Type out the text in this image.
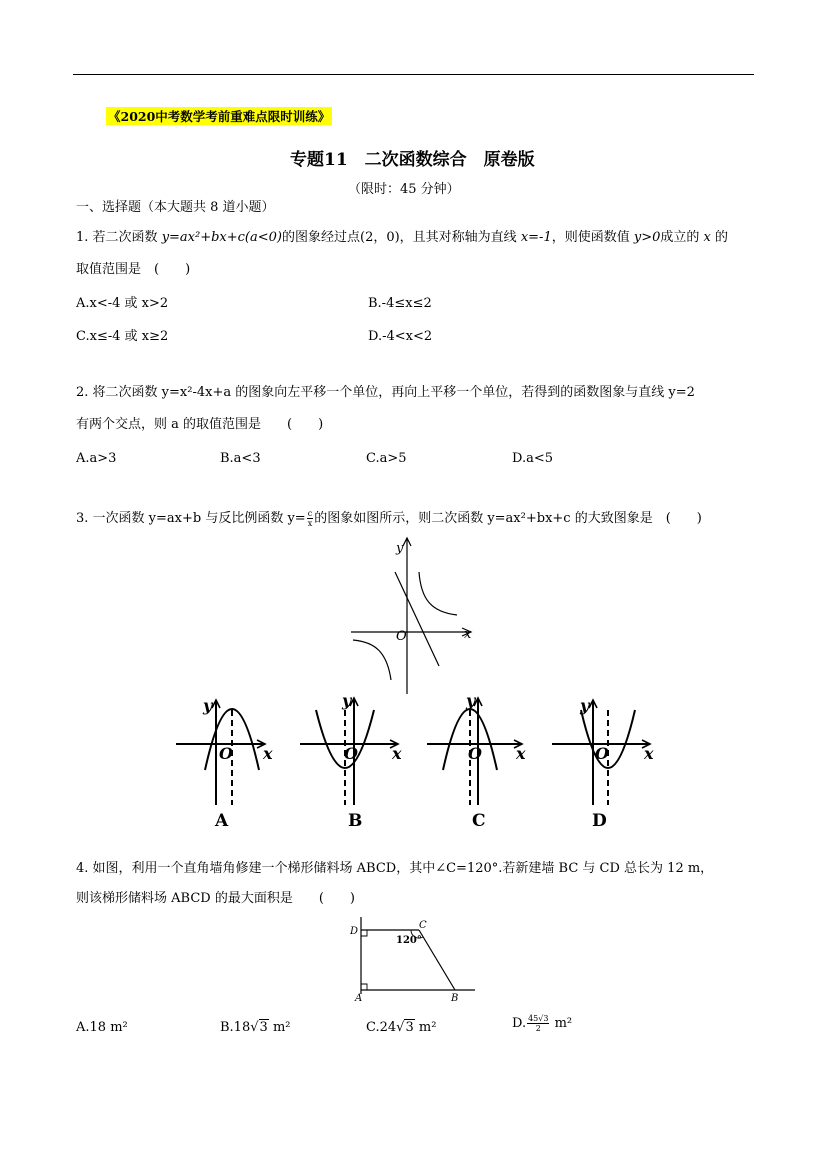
《2020中考数学考前重难点限时训练》
专题11　二次函数综合　原卷版
（限时：45 分钟）
一、选择题（本大题共 8 道小题）
1. 若二次函数 y=ax²+bx+c(a<0)的图象经过点(2，0)，且其对称轴为直线 x=-1，则使函数值 y>0成立的 x 的
取值范围是　(　　)
A.x<-4 或 x>2	B.-4≤x≤2
C.x≤-4 或 x≥2	D.-4<x<2
2. 将二次函数 y=x²-4x+a 的图象向左平移一个单位，再向上平移一个单位，若得到的函数图象与直线 y=2
有两个交点，则 a 的取值范围是　　(　　)
A.a>3	B.a<3	C.a>5	D.a<5
3. 一次函数 y=ax+b 与反比例函数 $y= \frac{c}{x}$ 的图象如图所示，则二次函数 y=ax²+bx+c 的大致图象是　(　　)
y
x
O
y
x
O
A
y
x
O
B
y
x
O
C
y
x
O
D
4. 如图，利用一个直角墙角修建一个梯形储料场 ABCD，其中∠C=120°.若新建墙 BC 与 CD 总长为 12 m，
则该梯形储料场 ABCD 的最大面积是　　(　　)
D
C
A	B
120°
A.18 m²	B.18√3 m²	C.24√3 m²	D. $\frac{45√3}{2} m^2$
